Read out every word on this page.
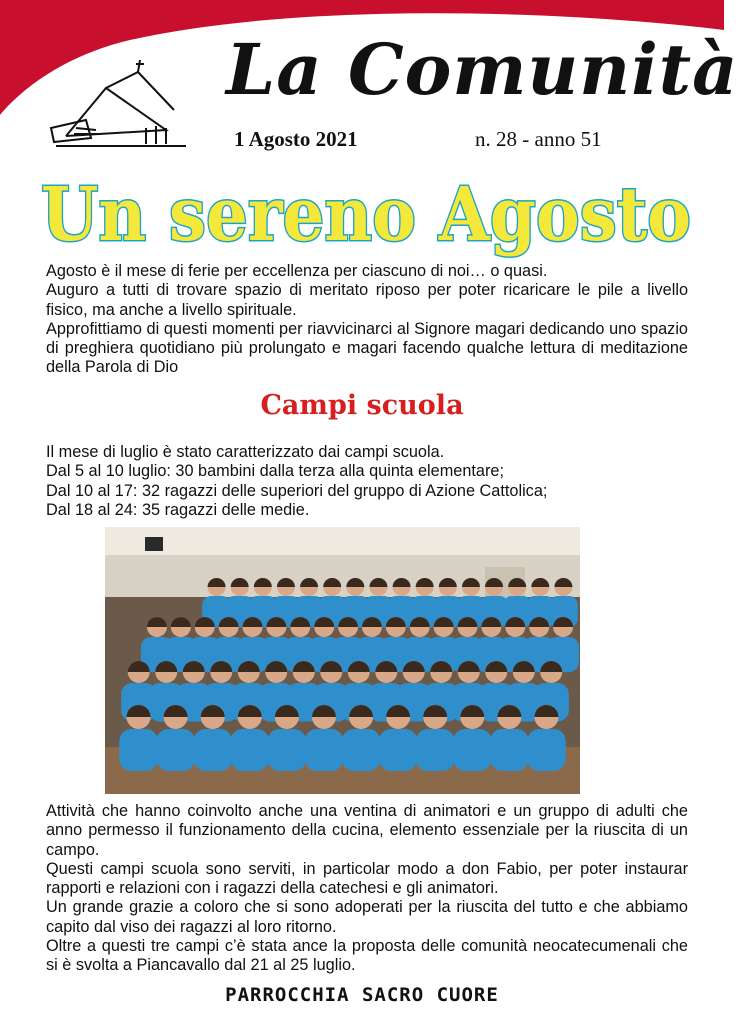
La Comunità
1 Agosto 2021	n. 28 - anno 51
Un sereno Agosto

Agosto è il mese di ferie per eccellenza per ciascuno di noi… o quasi.

Auguro a tutti di trovare spazio di meritato riposo per poter ricaricare le pile a livello fisico, ma anche a livello spirituale.

Approfittiamo di questi momenti per riavvicinarci al Signore magari dedicando uno spazio di preghiera quotidiano più prolungato e magari facendo qualche lettura di meditazione della Parola di Dio

Campi scuola

Il mese di luglio è stato caratterizzato dai campi scuola.

Dal 5 al 10 luglio: 30 bambini dalla terza alla quinta elementare;

Dal 10 al 17: 32 ragazzi delle superiori del gruppo di Azione Cattolica;

Dal 18 al 24: 35 ragazzi delle medie.

Attività che hanno coinvolto anche una ventina di animatori e un gruppo di adulti che anno permesso il funzionamento della cucina, elemento essenziale per la riuscita di un campo.

Questi campi scuola sono serviti, in particolar modo a don Fabio, per poter instaurar rapporti e relazioni con i ragazzi della catechesi e gli animatori.

Un grande grazie a coloro che si sono adoperati per la riuscita del tutto e che abbiamo capito dal viso dei ragazzi al loro ritorno.

Oltre a questi tre campi c’è stata ance la proposta delle comunità neocatecumenali che si è svolta a Piancavallo dal 21 al 25 luglio.

PARROCCHIA SACRO CUORE
